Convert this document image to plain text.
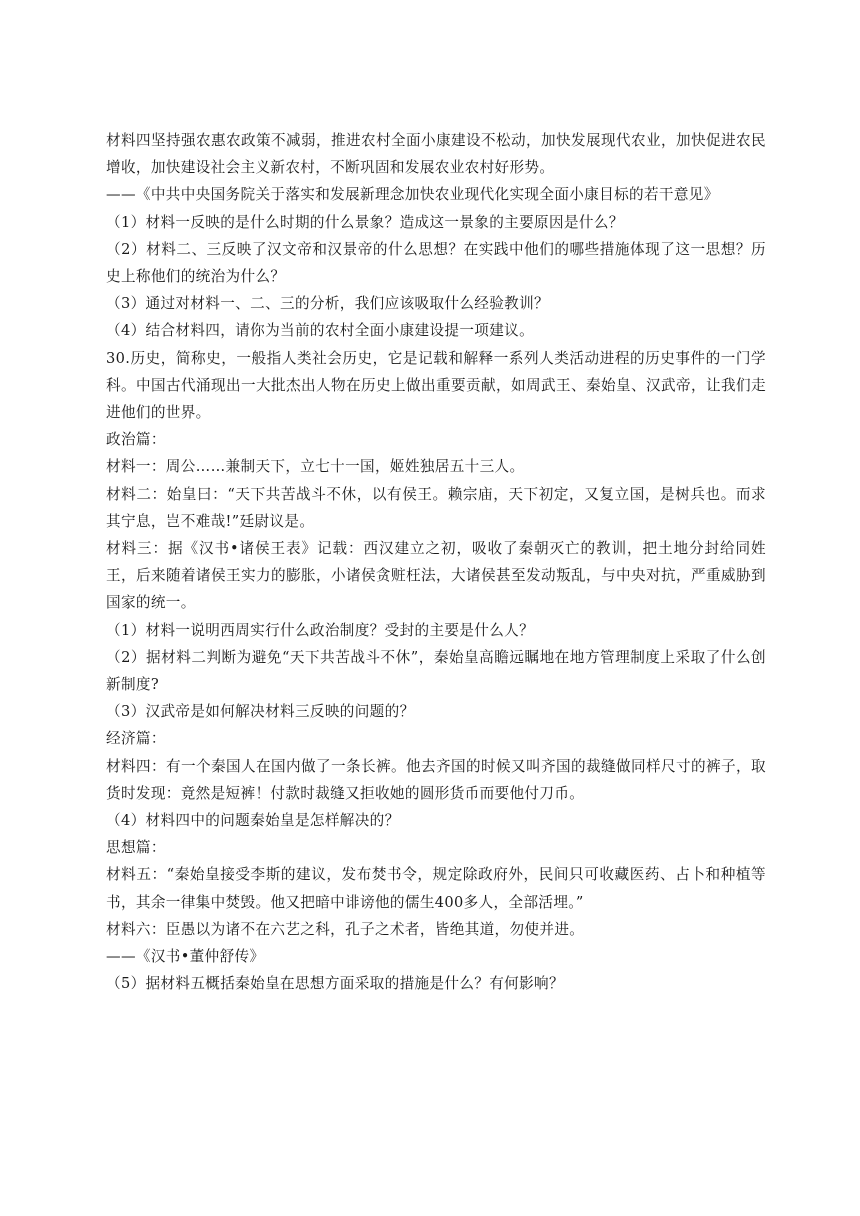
材料四坚持强农惠农政策不减弱，推进农村全面小康建设不松动，加快发展现代农业，加快促进农民增收，加快建设社会主义新农村，不断巩固和发展农业农村好形势。

——《中共中央国务院关于落实和发展新理念加快农业现代化实现全面小康目标的若干意见》

（1）材料一反映的是什么时期的什么景象？造成这一景象的主要原因是什么？

（2）材料二、三反映了汉文帝和汉景帝的什么思想？在实践中他们的哪些措施体现了这一思想？历史上称他们的统治为什么？

（3）通过对材料一、二、三的分析，我们应该吸取什么经验教训？

（4）结合材料四，请你为当前的农村全面小康建设提一项建议。

30.历史，简称史，一般指人类社会历史，它是记载和解释一系列人类活动进程的历史事件的一门学科。中国古代涌现出一大批杰出人物在历史上做出重要贡献，如周武王、秦始皇、汉武帝，让我们走进他们的世界。

政治篇：

材料一：周公……兼制天下，立七十一国，姬姓独居五十三人。

材料二：始皇曰：“天下共苦战斗不休，以有侯王。赖宗庙，天下初定，又复立国，是树兵也。而求其宁息，岂不难哉!”廷尉议是。

材料三：据《汉书•诸侯王表》记载：西汉建立之初，吸收了秦朝灭亡的教训，把土地分封给同姓王，后来随着诸侯王实力的膨胀，小诸侯贪赃枉法，大诸侯甚至发动叛乱，与中央对抗，严重威胁到国家的统一。

（1）材料一说明西周实行什么政治制度？受封的主要是什么人？

（2）据材料二判断为避免“天下共苦战斗不休”，秦始皇高瞻远瞩地在地方管理制度上采取了什么创新制度?

（3）汉武帝是如何解决材料三反映的问题的？

经济篇：

材料四：有一个秦国人在国内做了一条长裤。他去齐国的时候又叫齐国的裁缝做同样尺寸的裤子，取货时发现：竟然是短裤！付款时裁缝又拒收她的圆形货币而要他付刀币。

（4）材料四中的问题秦始皇是怎样解决的？

思想篇：

材料五：“秦始皇接受李斯的建议，发布焚书令，规定除政府外，民间只可收藏医药、占卜和种植等书，其余一律集中焚毁。他又把暗中诽谤他的儒生400多人，全部活埋。”

材料六：臣愚以为诸不在六艺之科，孔子之术者，皆绝其道，勿使并进。

——《汉书•董仲舒传》

（5）据材料五概括秦始皇在思想方面采取的措施是什么？有何影响？
